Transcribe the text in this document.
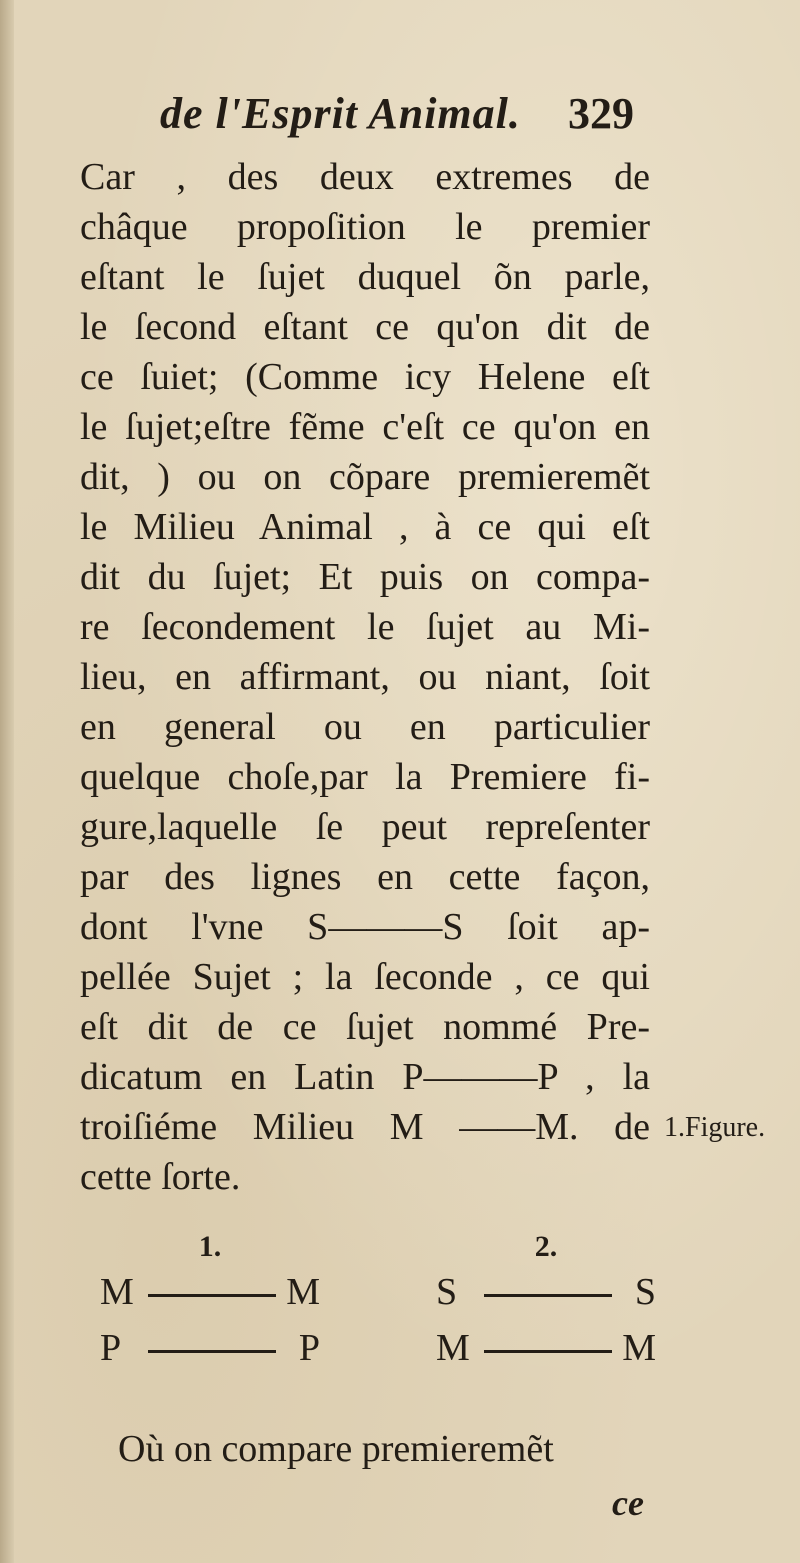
de l'Esprit Animal. 329
Car , des deux extremes de
châque propoſition le premier
eſtant le ſujet duquel õn parle,
le ſecond eſtant ce qu'on dit de
ce ſuiet; (Comme icy Helene eſt
le ſujet;eſtre fẽme c'eſt ce qu'on en
dit, ) ou on cõpare premieremẽt
le Milieu Animal , à ce qui eſt
dit du ſujet; Et puis on compa-
re ſecondement le ſujet au Mi-
lieu, en affirmant, ou niant, ſoit
en general ou en particulier
quelque choſe,par la Premiere fi-
gure,laquelle ſe peut repreſenter
par des lignes en cette façon,
dont l'vne S———S ſoit ap-
pellée Sujet ; la ſeconde , ce qui
eſt dit de ce ſujet nommé Pre-
dicatum en Latin P———P , la
troiſiéme Milieu M ——M. de
cette ſorte.
1.Figure.
1.
M	M
P	P
2.
S	S
M	M
Où on compare premieremẽt
ce
